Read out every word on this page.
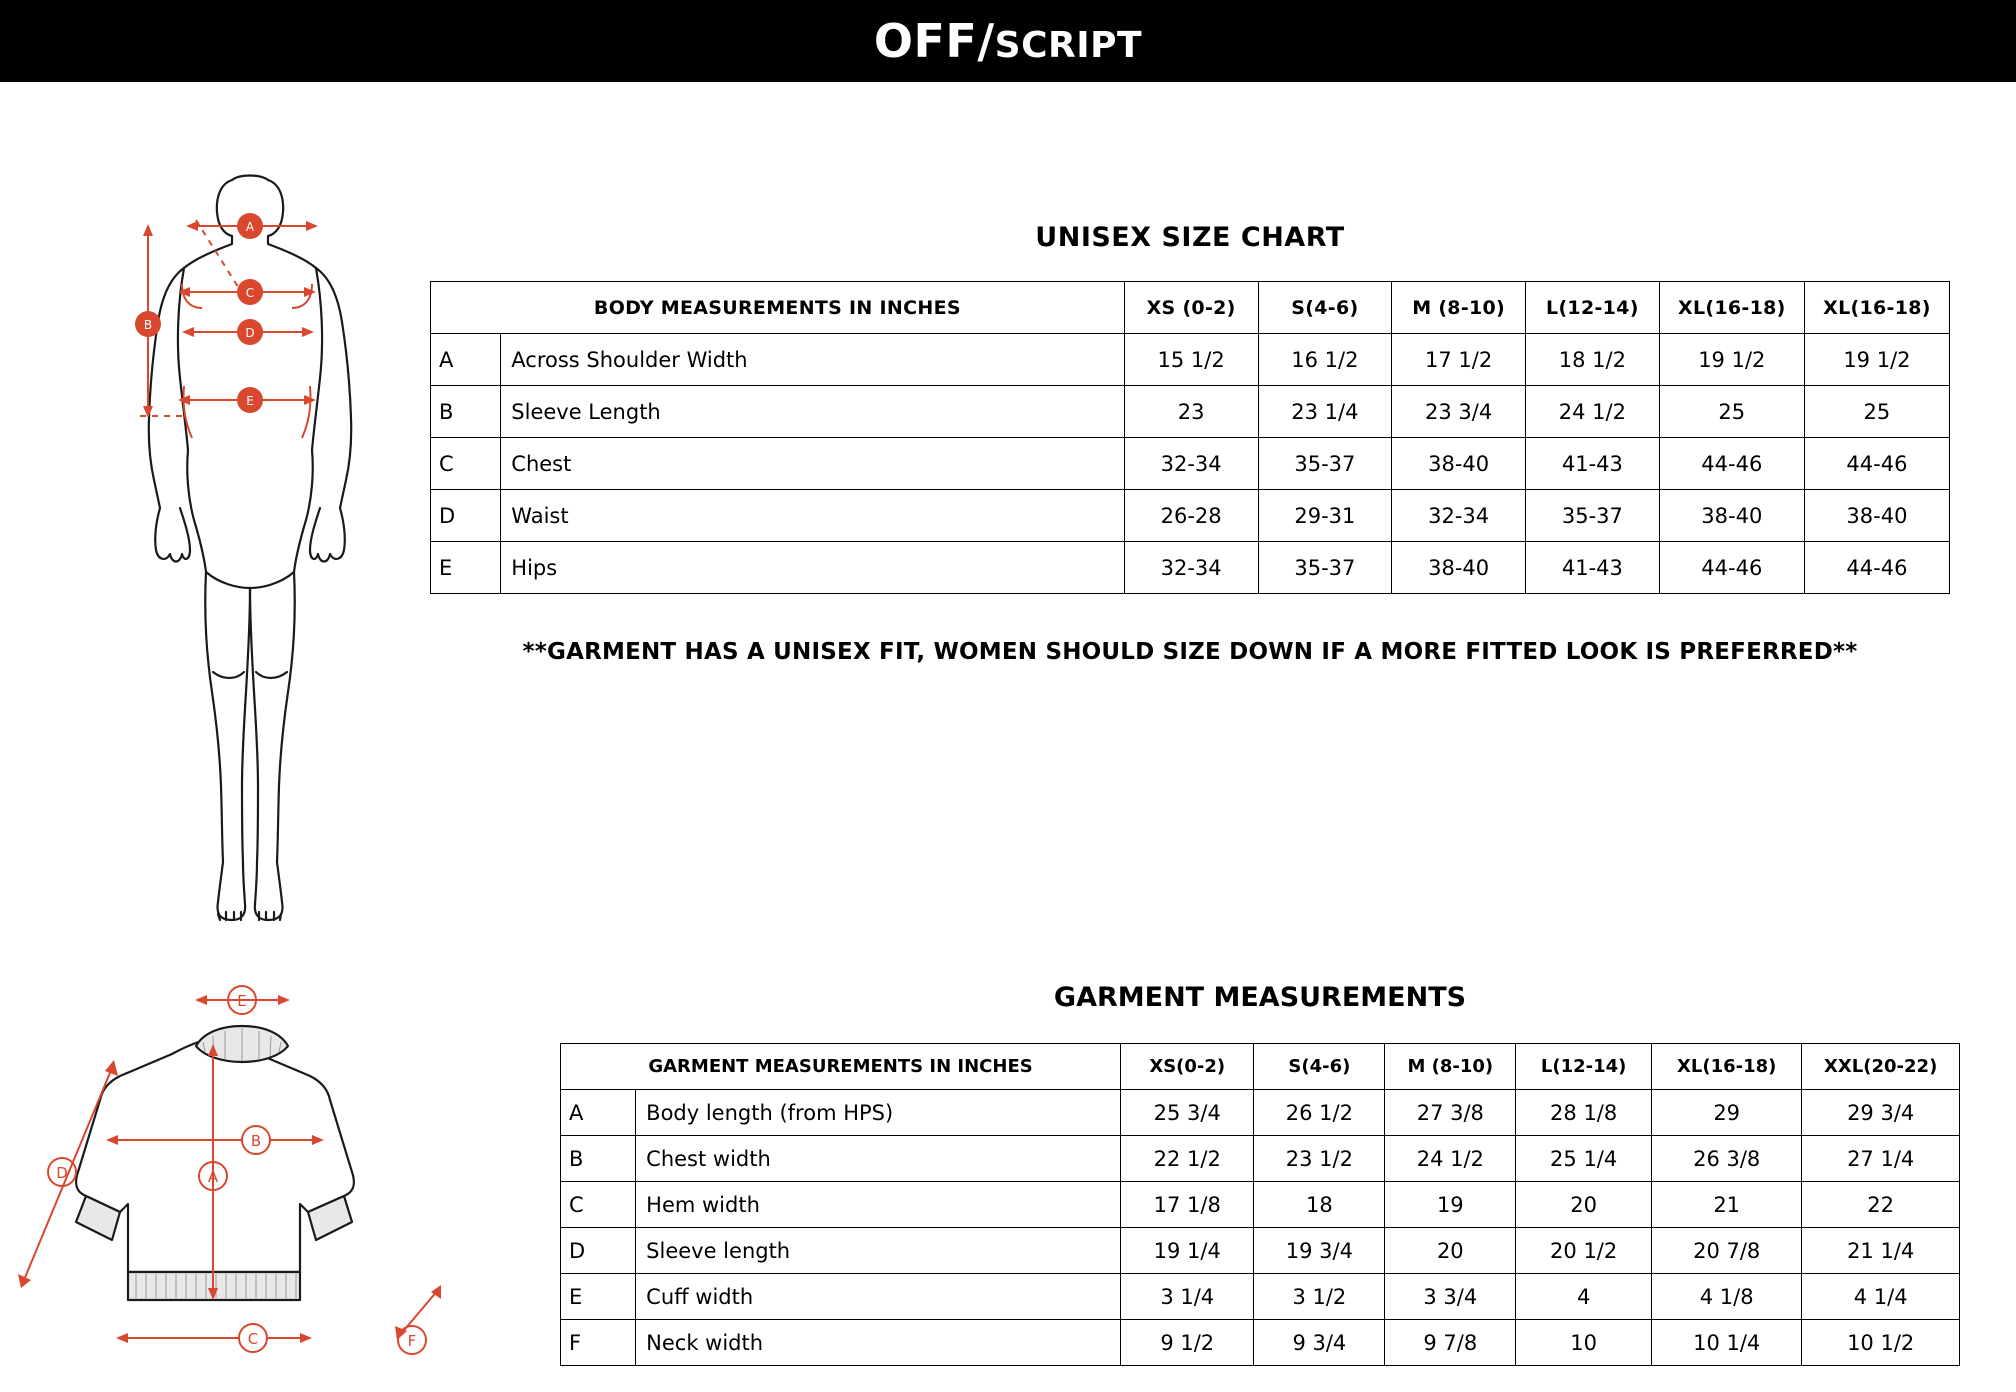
OFF / SCRIPT
A
B
C
D
E
UNISEX SIZE CHART
BODY MEASUREMENTS IN INCHES		XS (0-2)	S(4-6)	M (8-10)	L(12-14)	XL(16-18)	XL(16-18)
A	Across Shoulder Width	15 1/2	16 1/2	17 1/2	18 1/2	19 1/2	19 1/2
B	Sleeve Length	23	23 1/4	23 3/4	24 1/2	25	25
C	Chest	32-34	35-37	38-40	41-43	44-46	44-46
D	Waist	26-28	29-31	32-34	35-37	38-40	38-40
E	Hips	32-34	35-37	38-40	41-43	44-46	44-46
**GARMENT HAS A UNISEX FIT, WOMEN SHOULD SIZE DOWN IF A MORE FITTED LOOK IS PREFERRED**
E
A
B
C
D
F
GARMENT MEASUREMENTS
GARMENT MEASUREMENTS IN INCHES		XS(0-2)	S(4-6)	M (8-10)	L(12-14)	XL(16-18)	XXL(20-22)
A	Body length (from HPS)	25 3/4	26 1/2	27 3/8	28 1/8	29	29 3/4
B	Chest width	22 1/2	23 1/2	24 1/2	25 1/4	26 3/8	27 1/4
C	Hem width	17 1/8	18	19	20	21	22
D	Sleeve length	19 1/4	19 3/4	20	20 1/2	20 7/8	21 1/4
E	Cuff width	3 1/4	3 1/2	3 3/4	4	4 1/8	4 1/4
F	Neck width	9 1/2	9 3/4	9 7/8	10	10 1/4	10 1/2
